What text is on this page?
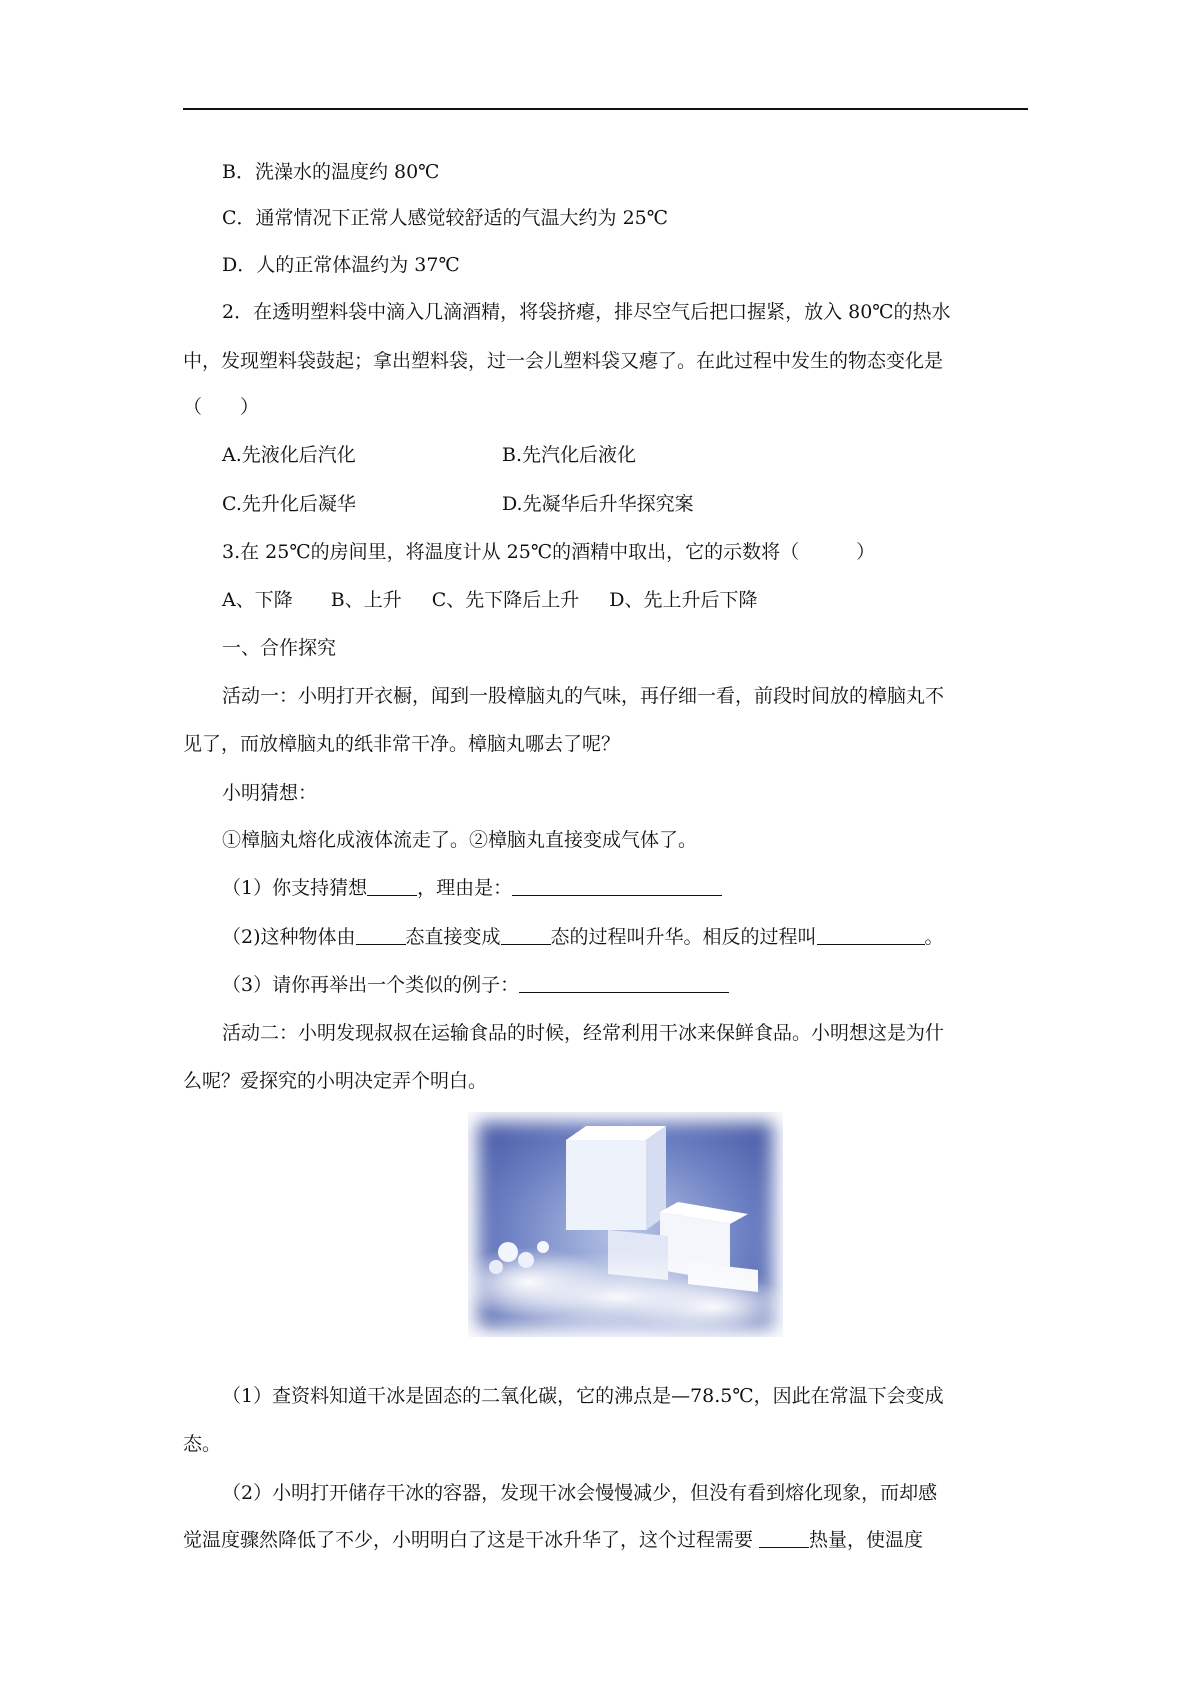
B．洗澡水的温度约 80℃
C．通常情况下正常人感觉较舒适的气温大约为 25℃
D．人的正常体温约为 37℃
2．在透明塑料袋中滴入几滴酒精，将袋挤瘪，排尽空气后把口握紧，放入 80℃的热水
中，发现塑料袋鼓起；拿出塑料袋，过一会儿塑料袋又瘪了。在此过程中发生的物态变化是
（　　）
A.先液化后汽化	B.先汽化后液化
C.先升化后凝华	D.先凝华后升华探究案
3.在 25℃的房间里，将温度计从 25℃的酒精中取出，它的示数将（　　　）
A、下降 B、上升 C、先下降后上升 D、先上升后下降
一、合作探究
活动一：小明打开衣橱，闻到一股樟脑丸的气味，再仔细一看，前段时间放的樟脑丸不
见了，而放樟脑丸的纸非常干净。樟脑丸哪去了呢？
小明猜想：
①樟脑丸熔化成液体流走了。②樟脑丸直接变成气体了。
（1）你支持猜想	，理由是：
（2)这种物体由	态直接变成	态的过程叫升华。相反的过程叫	。
（3）请你再举出一个类似的例子：
活动二：小明发现叔叔在运输食品的时候，经常利用干冰来保鲜食品。小明想这是为什
么呢？爱探究的小明决定弄个明白。
（1）查资料知道干冰是固态的二氧化碳，它的沸点是—78.5℃，因此在常温下会变成
态。
（2）小明打开储存干冰的容器，发现干冰会慢慢减少，但没有看到熔化现象，而却感
觉温度骤然降低了不少，小明明白了这是干冰升华了，这个过程需要	热量，使温度
